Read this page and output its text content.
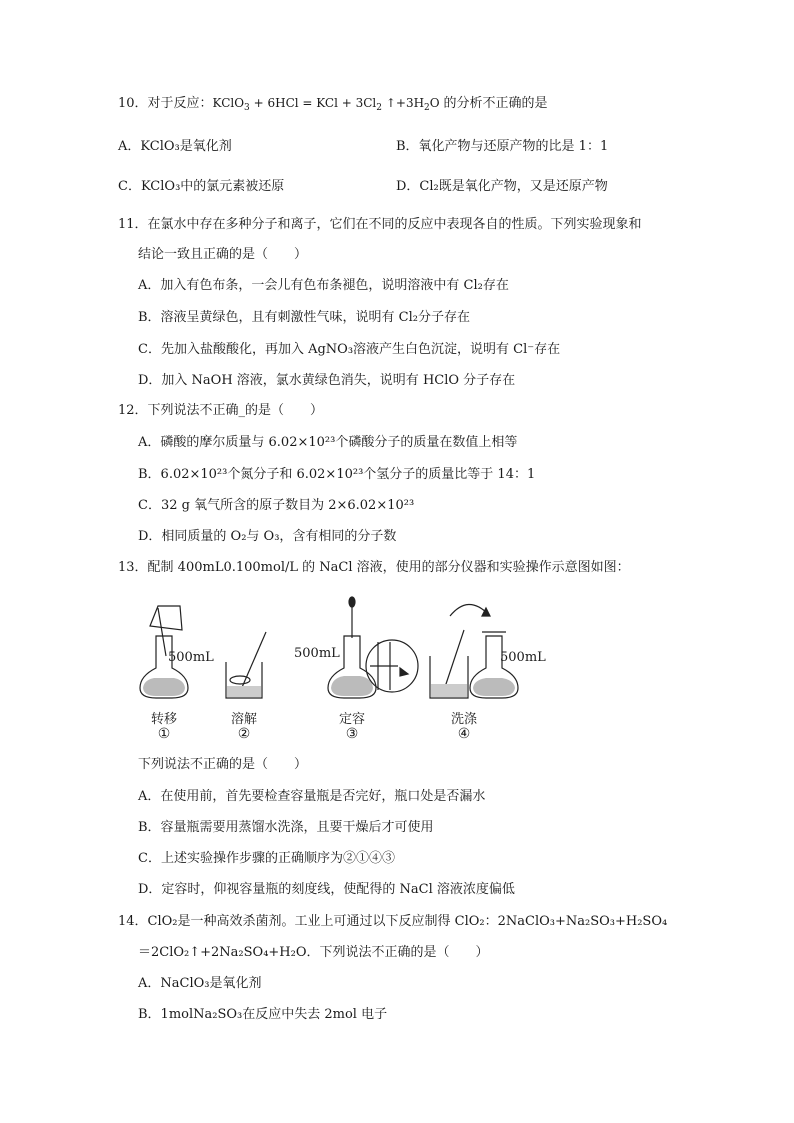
10．对于反应：KClO$_3$ + 6HCl = KCl + $3Cl_2$ $↑+3H_2O$ 的分析不正确的是
A．KClO₃是氧化剂	B．氧化产物与还原产物的比是 1：1
C．KClO₃中的氯元素被还原	D．Cl₂既是氧化产物，又是还原产物
11．在氯水中存在多种分子和离子，它们在不同的反应中表现各自的性质。下列实验现象和
结论一致且正确的是（　　）
A．加入有色布条，一会儿有色布条褪色，说明溶液中有 Cl₂存在
B．溶液呈黄绿色，且有刺激性气味，说明有 Cl₂分子存在
C．先加入盐酸酸化，再加入 AgNO₃溶液产生白色沉淀，说明有 Cl⁻存在
D．加入 NaOH 溶液，氯水黄绿色消失，说明有 HClO 分子存在
12．下列说法不正确_的是（　　）
A．磷酸的摩尔质量与 6.02×10²³个磷酸分子的质量在数值上相等
B．6.02×10²³个氮分子和 6.02×10²³个氢分子的质量比等于 14：1
C．32 g 氧气所含的原子数目为 2×6.02×10²³
D．相同质量的 O₂与 O₃，含有相同的分子数
13．配制 400mL0.100mol/L 的 NaCl 溶液，使用的部分仪器和实验操作示意图如图：
500mL	500mL	500mL
转移	溶解	定容	洗涤
①	②	③	④
下列说法不正确的是（　　）
A．在使用前，首先要检查容量瓶是否完好，瓶口处是否漏水
B．容量瓶需要用蒸馏水洗涤，且要干燥后才可使用
C．上述实验操作步骤的正确顺序为②①④③
D．定容时，仰视容量瓶的刻度线，使配得的 NaCl 溶液浓度偏低
14．ClO₂是一种高效杀菌剂。工业上可通过以下反应制得 ClO₂：2NaClO₃+Na₂SO₃+H₂SO₄
＝2ClO₂↑+2Na₂SO₄+H₂O．下列说法不正确的是（　　）
A．NaClO₃是氧化剂
B．1molNa₂SO₃在反应中失去 2mol 电子
